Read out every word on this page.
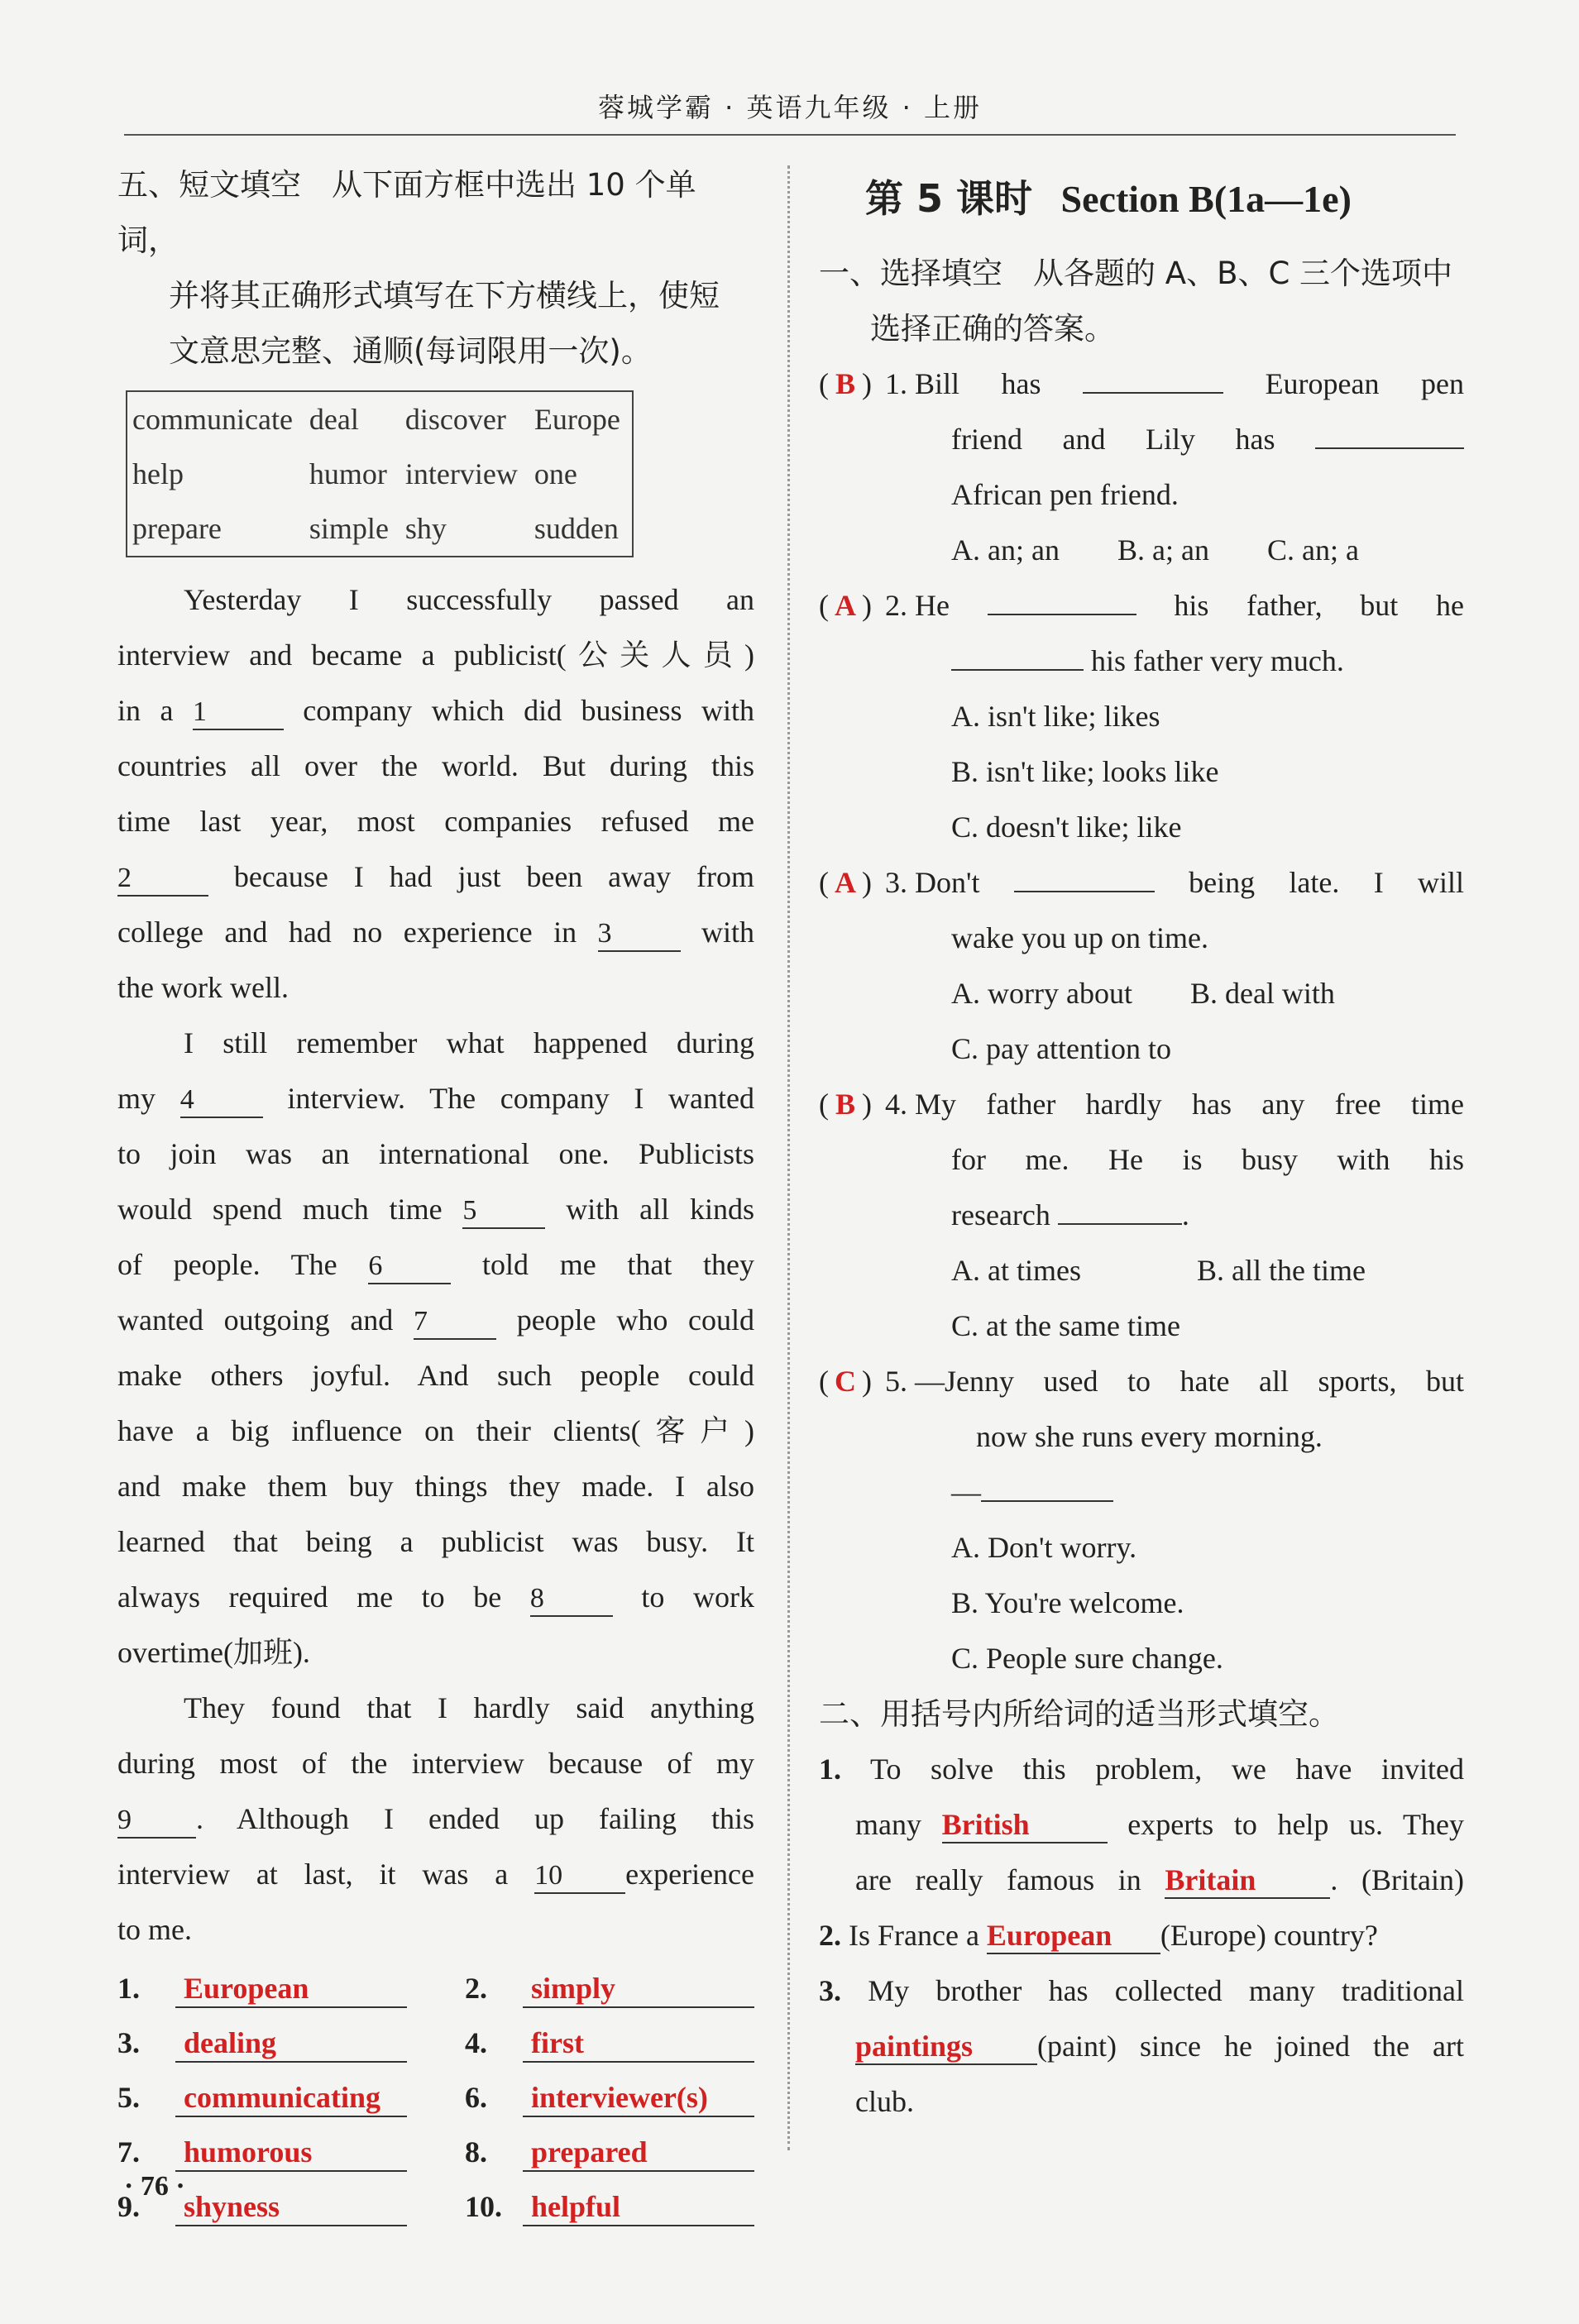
蓉城学霸 · 英语九年级 · 上册
五、短文填空　从下面方框中选出 10 个单词，
并将其正确形式填写在下方横线上，使短
文意思完整、通顺(每词限用一次)。
communicate	deal	discover	Europe
help	humor	interview	one
prepare	simple	shy	sudden

Yesterday I successfully passed an

interview and became a publicist(公关人员)

in a 1	company which did business with

countries all over the world. But during this

time last year, most companies refused me

2	because I had just been away from

college and had no experience in 3	with

the work well.

I still remember what happened during

my 4	interview. The company I wanted

to join was an international one. Publicists

would spend much time 5	with all kinds

of people. The 6	told me that they

wanted outgoing and 7	people who could

make others joyful. And such people could

have a big influence on their clients(客户)

and make them buy things they made. I also

learned that being a publicist was busy. It

always required me to be 8	to work

overtime(加班).

They found that I hardly said anything

during most of the interview because of my

9 . Although I ended up failing this

interview at last, it was a 10 experience

to me.

1. European	2. simply
3. dealing	4. first
5. communicating	6. interviewer(s)
7. humorous	8. prepared
9. shyness	10. helpful
· 76 ·
第 5 课时 Section B(1a—1e)
一、选择填空　从各题的 A、B、C 三个选项中
选择正确的答案。
( B ) 1. Bill has	European pen
friend and Lily has
African pen friend.
A. an; an B. a; an C. an; a
( A ) 2. He	his father, but he
his father very much.
A. isn't like; likes
B. isn't like; looks like
C. doesn't like; like
( A ) 3. Don't	being late. I will
wake you up on time.
A. worry about B. deal with
C. pay attention to
( B ) 4. My father hardly has any free time
for me. He is busy with his
research	.
A. at times	B. all the time
C. at the same time
( C ) 5. —Jenny used to hate all sports, but
now she runs every morning.
—
A. Don't worry.
B. You're welcome.
C. People sure change.
二、用括号内所给词的适当形式填空。
1. To solve this problem, we have invited
many British	experts to help us. They
are really famous in Britain . (Britain)
2. Is France a European (Europe) country?
3. My brother has collected many traditional
paintings (paint) since he joined the art
club.
